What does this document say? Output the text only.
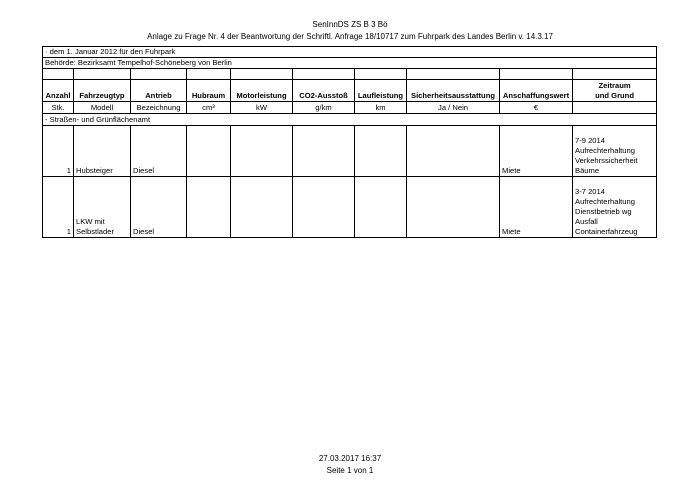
SenInnDS ZS B 3 Bö
Anlage zu Frage Nr. 4 der Beantwortung der Schriftl. Anfrage 18/10717 zum Fuhrpark des Landes Berlin v. 14.3.17
· dem 1. Januar 2012 für den Fuhrpark									
Behörde: Bezirksamt Tempelhof-Schöneberg von Berlin									

Anzahl	Fahrzeugtyp	Antrieb	Hubraum	Motorleistung	CO2-Ausstoß	Laufleistung	Sicherheitsausstattung	Anschaffungswert	Zeitraum
und Grund

Stk.	Modell	Bezeichnung	cm³	kW	g/km	km	Ja / Nein	€	
- Straßen- und Grünflächenamt									
1	Hubsteiger	Diesel						Miete	7-9 2014
Aufrechterhaltung
Verkehrssicherheit
Bäume

1	LKW mit
Selbstlader	Diesel						Miete	3-7 2014
Aufrechterhaltung
Dienstbetrieb wg
Ausfall
Containerfahrzeug
27.03.2017 16:37
Seite 1 von 1
